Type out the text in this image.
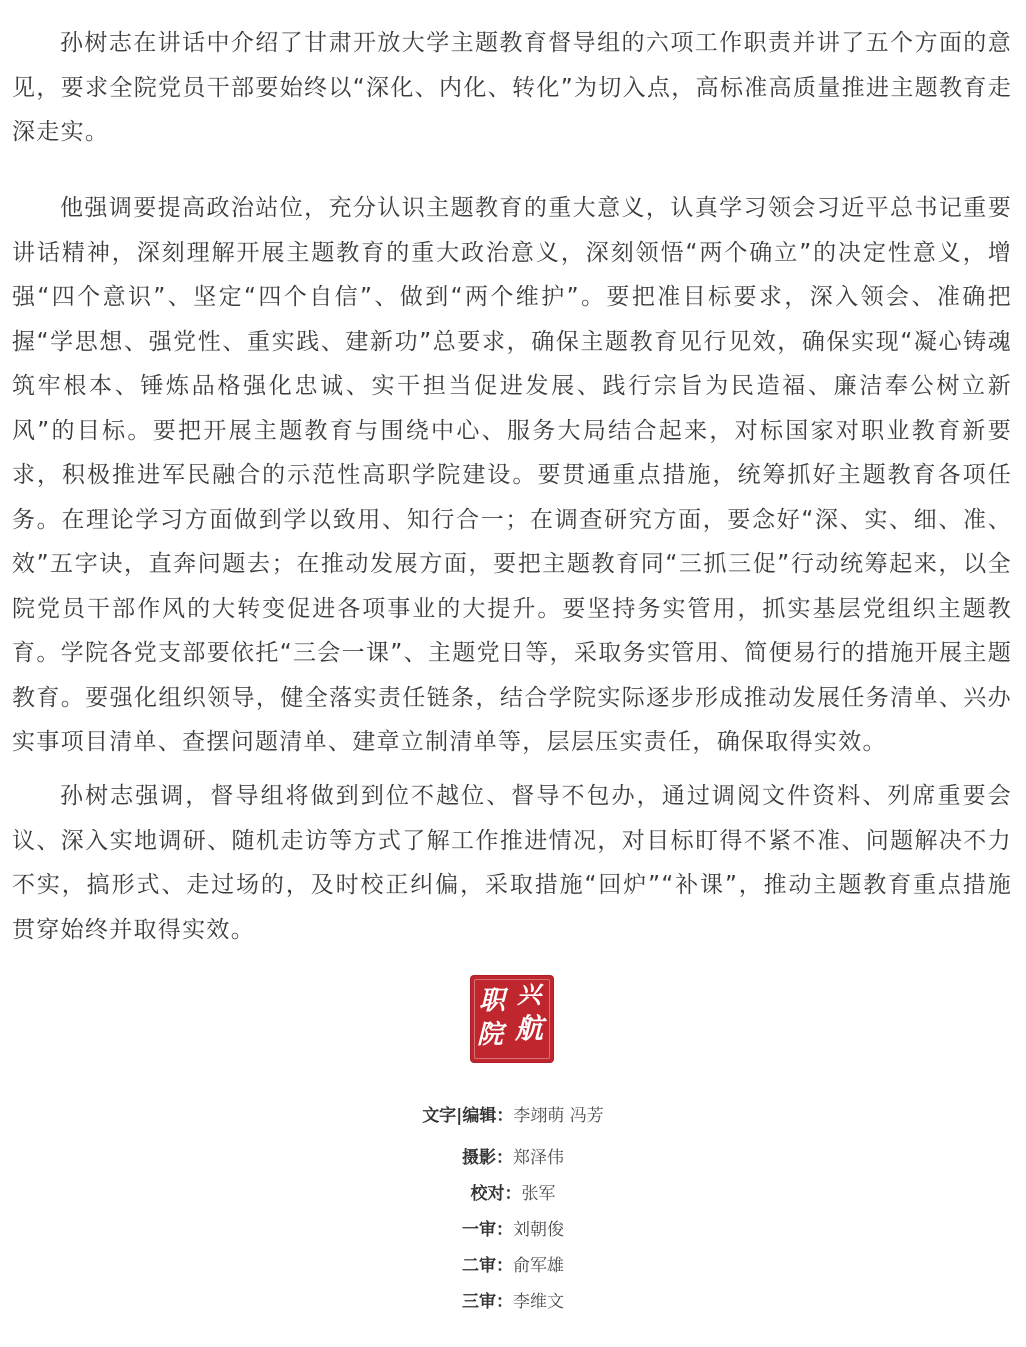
孙树志在讲话中介绍了甘肃开放大学主题教育督导组的六项工作职责并讲了五个方面的意见，要求全院党员干部要始终以“深化、内化、转化”为切入点，高标准高质量推进主题教育走深走实。

他强调要提高政治站位，充分认识主题教育的重大意义，认真学习领会习近平总书记重要讲话精神，深刻理解开展主题教育的重大政治意义，深刻领悟“两个确立”的决定性意义，增强“四个意识”、坚定“四个自信”、做到“两个维护”。要把准目标要求，深入领会、准确把握“学思想、强党性、重实践、建新功”总要求，确保主题教育见行见效，确保实现“凝心铸魂筑牢根本、锤炼品格强化忠诚、实干担当促进发展、践行宗旨为民造福、廉洁奉公树立新风”的目标。要把开展主题教育与围绕中心、服务大局结合起来，对标国家对职业教育新要求，积极推进军民融合的示范性高职学院建设。要贯通重点措施，统筹抓好主题教育各项任务。在理论学习方面做到学以致用、知行合一；在调查研究方面，要念好“深、实、细、准、效”五字诀，直奔问题去；在推动发展方面，要把主题教育同“三抓三促”行动统筹起来，以全院党员干部作风的大转变促进各项事业的大提升。要坚持务实管用，抓实基层党组织主题教育。学院各党支部要依托“三会一课”、主题党日等，采取务实管用、简便易行的措施开展主题教育。要强化组织领导，健全落实责任链条，结合学院实际逐步形成推动发展任务清单、兴办实事项目清单、查摆问题清单、建章立制清单等，层层压实责任，确保取得实效。

孙树志强调，督导组将做到到位不越位、督导不包办，通过调阅文件资料、列席重要会议、深入实地调研、随机走访等方式了解工作推进情况，对目标盯得不紧不准、问题解决不力不实，搞形式、走过场的，及时校正纠偏，采取措施“回炉”“补课”，推动主题教育重点措施贯穿始终并取得实效。

兴
职
院 航
文字|编辑：李翊萌 冯芳
摄影：郑泽伟
校对：张军
一审：刘朝俊
二审：俞军雄
三审：李维文
